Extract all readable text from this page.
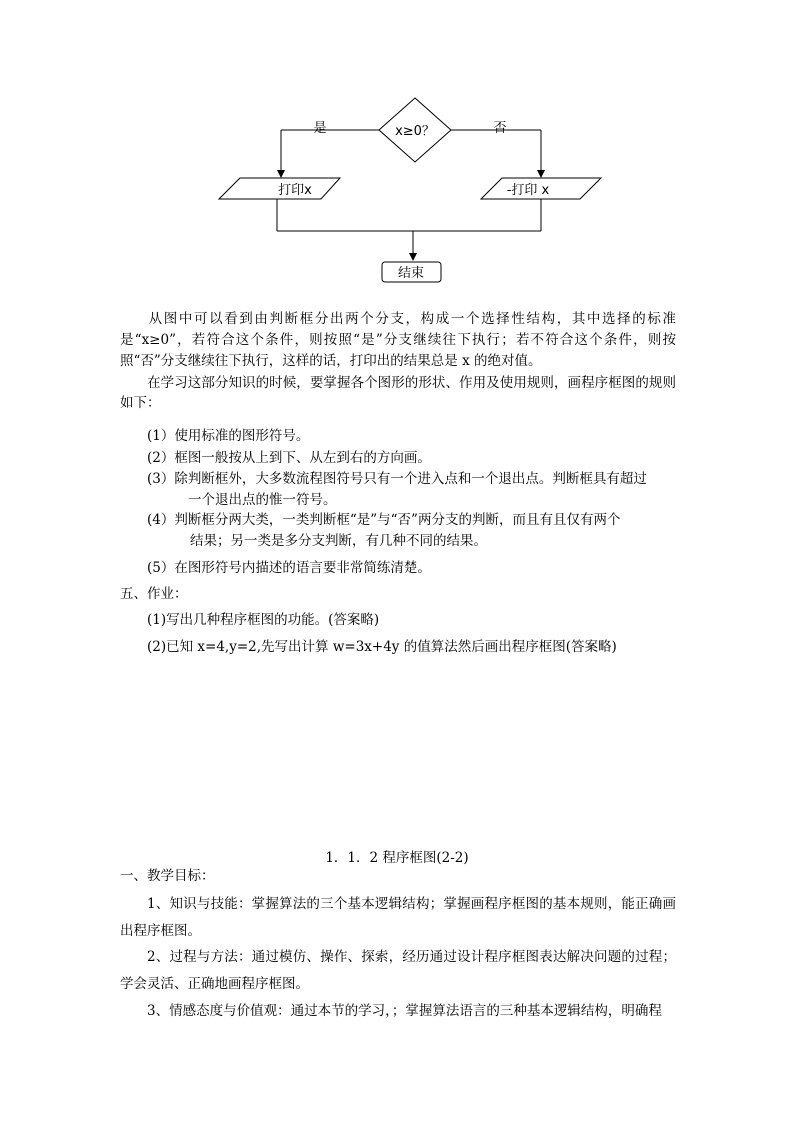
x≥0？
是	否
打印x	-打印 x
结束
从图中可以看到由判断框分出两个分支，构成一个选择性结构，其中选择的标准是“x≥0”，若符合这个条件，则按照“是”分支继续往下执行；若不符合这个条件，则按照“否”分支继续往下执行，这样的话，打印出的结果总是 x 的绝对值。
在学习这部分知识的时候，要掌握各个图形的形状、作用及使用规则，画程序框图的规则如下：
(1）使用标准的图形符号。
(2）框图一般按从上到下、从左到右的方向画。
(3）除判断框外，大多数流程图符号只有一个进入点和一个退出点。判断框具有超过
一个退出点的惟一符号。
(4）判断框分两大类，一类判断框“是”与“否”两分支的判断，而且有且仅有两个
结果；另一类是多分支判断，有几种不同的结果。
(5）在图形符号内描述的语言要非常简练清楚。
五、作业：
(1)写出几种程序框图的功能。(答案略)
(2)已知 x=4,y=2,先写出计算 w=3x+4y 的值算法然后画出程序框图(答案略)
1．1．2 程序框图(2-2)
一、教学目标：
1、知识与技能：掌握算法的三个基本逻辑结构；掌握画程序框图的基本规则，能正确画出程序框图。
2、过程与方法：通过模仿、操作、探索，经历通过设计程序框图表达解决问题的过程；学会灵活、正确地画程序框图。
3、情感态度与价值观：通过本节的学习，；掌握算法语言的三种基本逻辑结构，明确程
